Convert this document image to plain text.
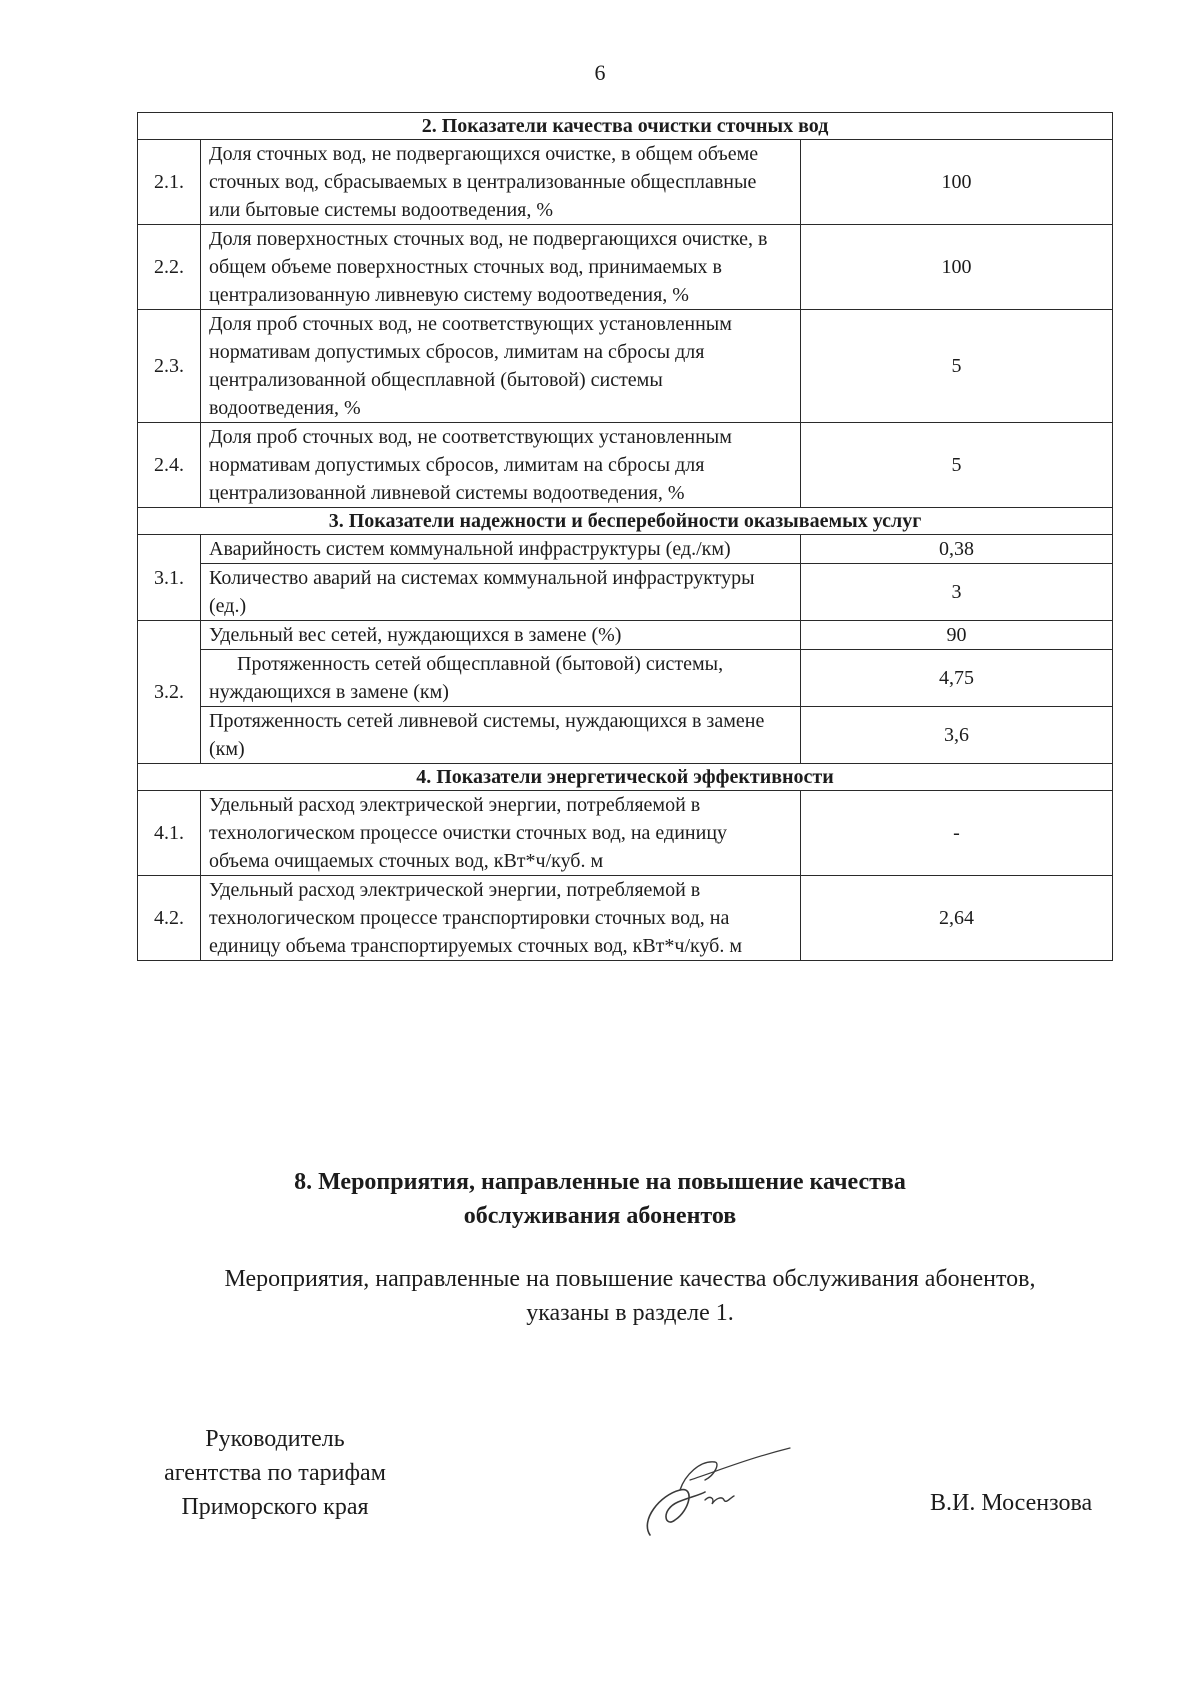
6
2. Показатели качества очистки сточных вод		
2.1.	Доля сточных вод, не подвергающихся очистке, в общем объеме сточных вод, сбрасываемых в централизованные общесплавные или бытовые системы водоотведения, %	100
2.2.	Доля поверхностных сточных вод, не подвергающихся очистке, в общем объеме поверхностных сточных вод, принимаемых в централизованную ливневую систему водоотведения, %	100
2.3.	Доля проб сточных вод, не соответствующих установленным нормативам допустимых сбросов, лимитам на сбросы для централизованной общесплавной (бытовой) системы водоотведения, %	5
2.4.	Доля проб сточных вод, не соответствующих установленным нормативам допустимых сбросов, лимитам на сбросы для централизованной ливневой системы водоотведения, %	5
3. Показатели надежности и бесперебойности оказываемых услуг		
3.1.	Аварийность систем коммунальной инфраструктуры (ед./км)	0,38
	Количество аварий на системах коммунальной инфраструктуры (ед.)	3
3.2.	Удельный вес сетей, нуждающихся в замене (%)	90
	Протяженность сетей общесплавной (бытовой) системы, нуждающихся в замене (км)	4,75
	Протяженность сетей ливневой системы, нуждающихся в замене (км)	3,6
4. Показатели энергетической эффективности		
4.1.	Удельный расход электрической энергии, потребляемой в технологическом процессе очистки сточных вод, на единицу объема очищаемых сточных вод, кВт*ч/куб. м	-
4.2.	Удельный расход электрической энергии, потребляемой в технологическом процессе транспортировки сточных вод, на единицу объема транспортируемых сточных вод, кВт*ч/куб. м	2,64
8. Мероприятия, направленные на повышение качества
обслуживания абонентов
Мероприятия, направленные на повышение качества обслуживания абонентов,
указаны в разделе 1.
Руководитель
агентства по тарифам
Приморского края	В.И. Мосензова
